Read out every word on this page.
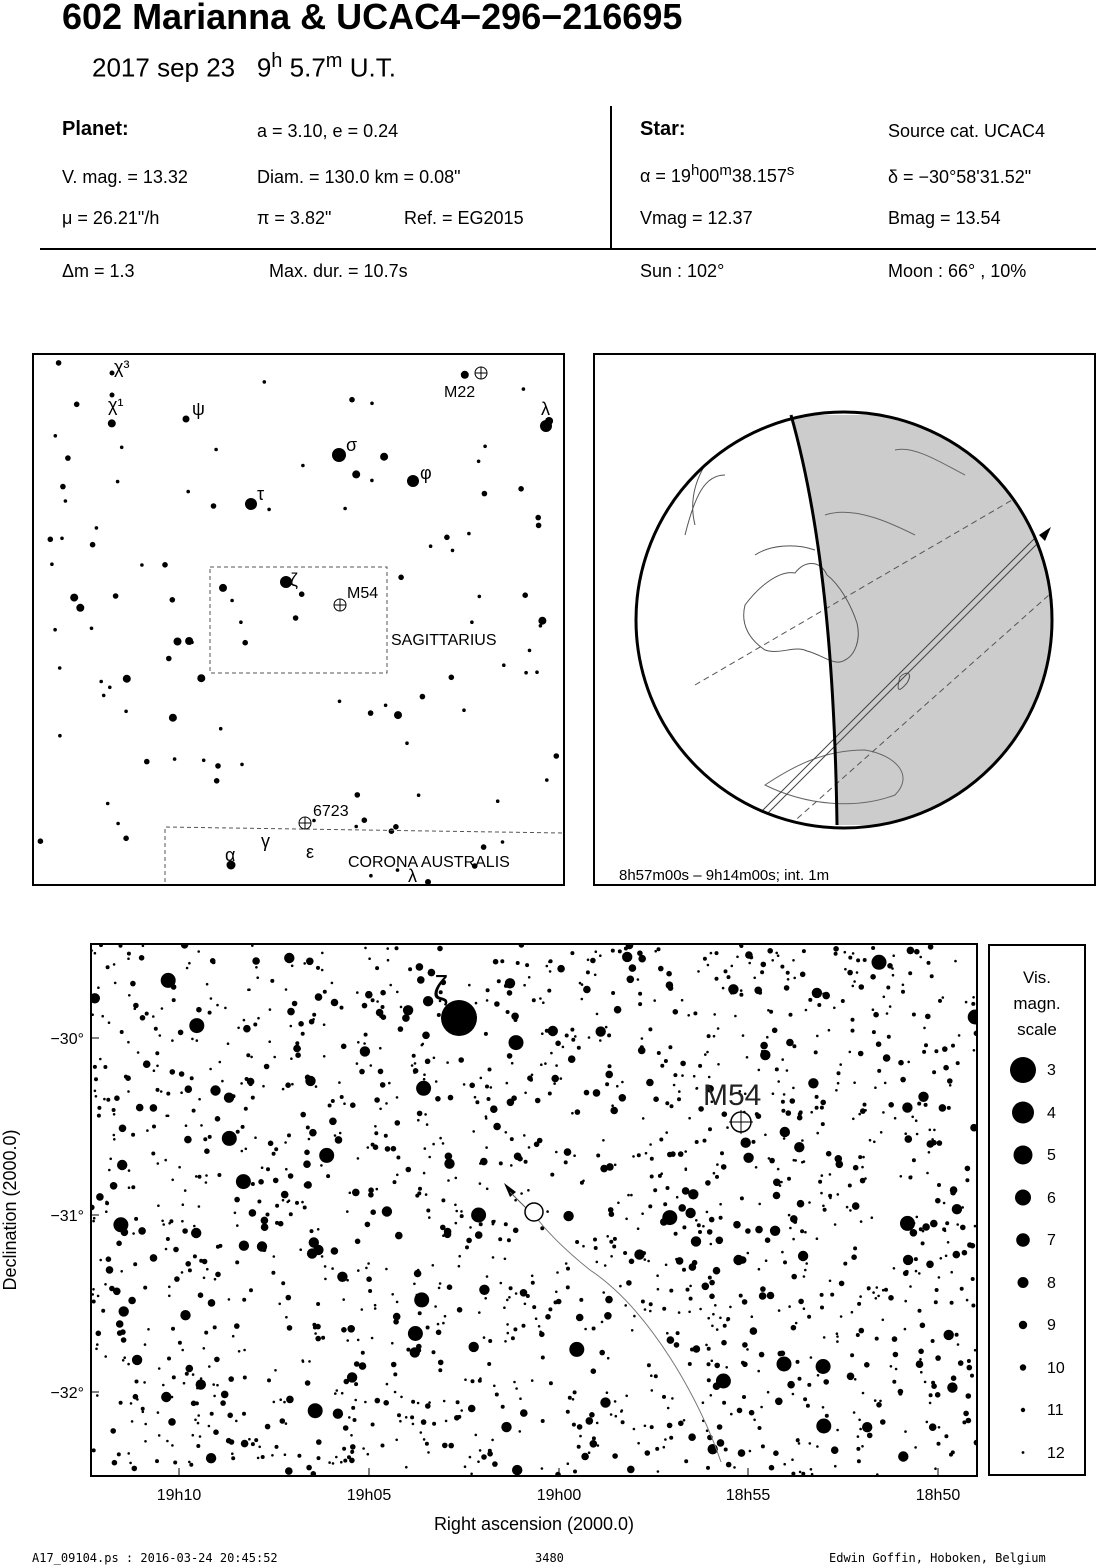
602 Marianna & UCAC4−296−216695
2017 sep 23 9$^h$ 5.7$^m$ U.T.
Planet:	a = 3.10, e = 0.24
V. mag. = 13.32	Diam. = 130.0 km = 0.08"
μ = 26.21"/h	π = 3.82"	Ref. = EG2015
Star:	Source cat. UCAC4
$\alpha = 19^h00^m38.157^s$	δ = −30°58'31.52"
Vmag = 12.37	Bmag = 13.54
Δm = 1.3	Max. dur. = 10.7s	Sun : 102°	Moon : 66° , 10%
χ³
χ¹	ψ
M22
λ
σ
φ
τ
ζ
M54
SAGITTARIUS
6723
γ
α	ε
CORONA AUSTRALIS
λ	8h57m00s – 9h14m00s; int. 1m
−30°
−31°
−32°
19h10	19h05	19h00	18h55	18h50
Right ascension (2000.0)
Declination (2000.0)
ζ
M54
Vis.
magn.
scale
3
4
5
6
7
8
9
10
11
12
A17_09104.ps : 2016-03-24 20:45:52	3480	Edwin Goffin, Hoboken, Belgium
